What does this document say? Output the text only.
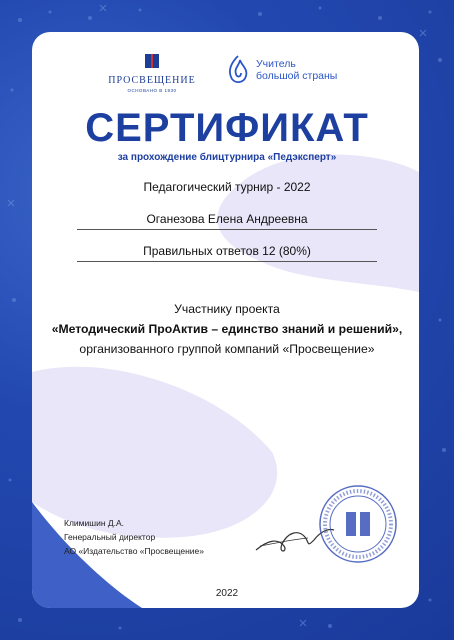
ПРОСВЕЩЕНИЕ
ОСНОВАНО В 1930
Учитель
большой страны
СЕРТИФИКАТ
за прохождение блицтурнира «Педэксперт»
Педагогический турнир - 2022
Оганезова Елена Андреевна
Правильных ответов 12 (80%)
Участнику проекта
«Методический ПроАктив – единство знаний и решений»,
организованного группой компаний «Просвещение»
Климишин Д.А.
Генеральный директор
АО «Издательство «Просвещение»
2022
